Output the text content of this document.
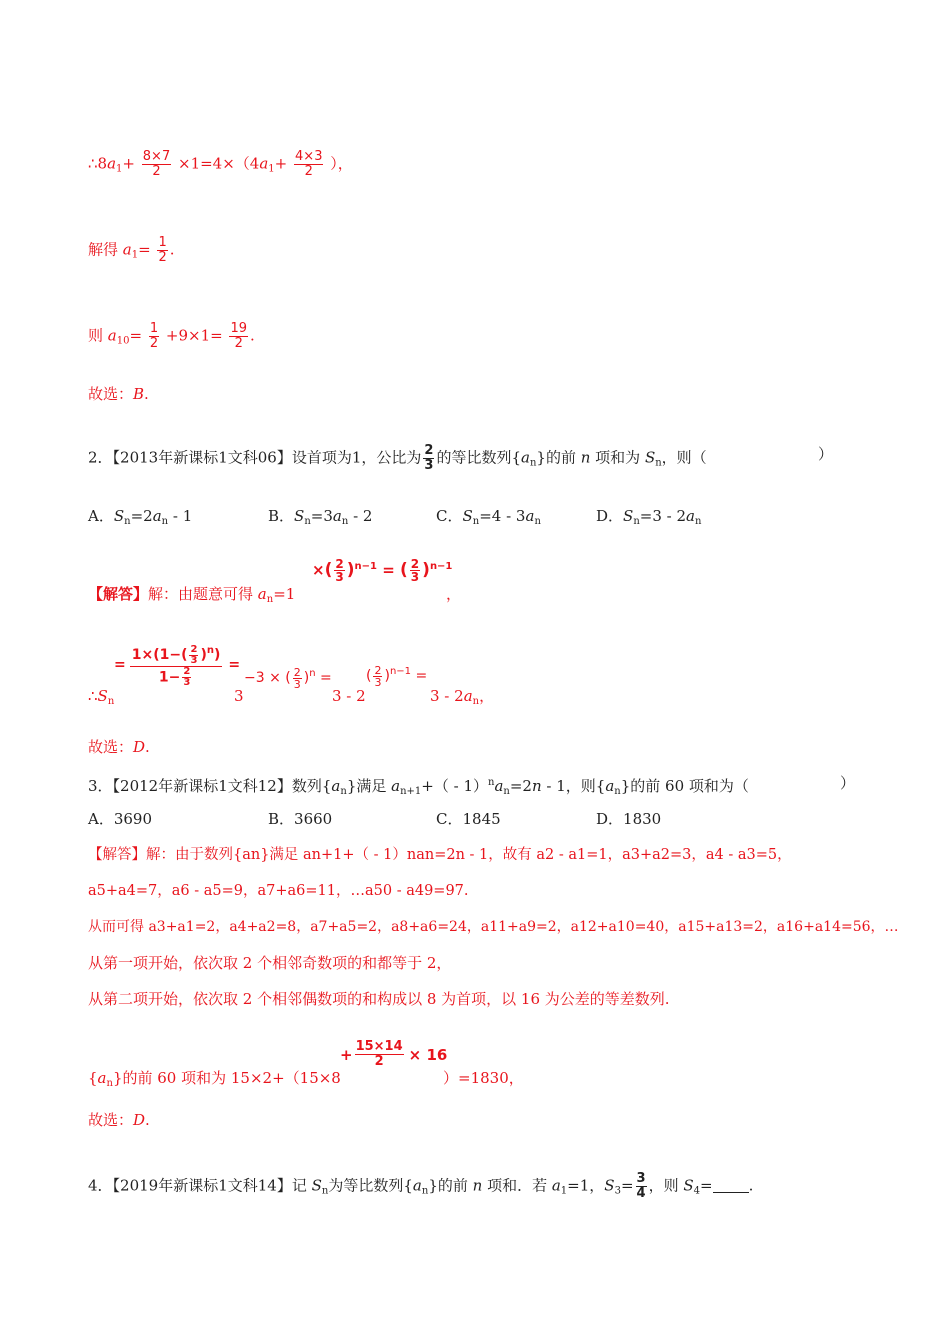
$\therefore 8a_1+ \frac{8\times 7}{2} \times 1=4\times(4a_1+ \frac{4\times 3}{2}$ ），
解得 $a_1= \frac{1}{2}$ .
则 $a_{10}= \frac{1}{2} +9\times 1= \frac{19}{2}$ .
故选：B.
2．【2013年新课标1文科06】设首项为1，公比为 $\frac{2}{3}$ 的等比数列$\{a_n\}$的前 n 项和为 $S_n$，则（	）
A．$S_n=2a_n - 1$	B．$S_n=3a_n - 2$	C．$S_n=4 - 3a_n$	D．$S_n=3 - 2a_n$
【解答】解：由题意可得 $a_n=1$
×( $\frac{2}{3} )^{n-1}$ = ( $\frac{2}{3} )^{n-1}$
，
$\therefore S_n$
= $\frac{1\times(1-( \frac{2}{3} )^n)}{1- \frac{2}{3}}$ =
3
−3 × ( $\frac{2}{3} )^n$ =
3 - 2
( $\frac{2}{3} )^{n-1}$ =
$3 - 2a_n$，
故选：D.
3．【2012年新课标1文科12】数列$\{a_n\}$满足 $a_{n+1}+( - 1)^na_n=2n - 1$，则$\{a_n\}$的前 60 项和为（	）
A．3690	B．3660	C．1845	D．1830
【解答】解：由于数列{an}满足 an+1+（ - 1）nan=2n - 1，故有 a2 - a1=1，a3+a2=3，a4 - a3=5，
a5+a4=7，a6 - a5=9，a7+a6=11，…a50 - a49=97.
从而可得 a3+a1=2，a4+a2=8，a7+a5=2，a8+a6=24，a11+a9=2，a12+a10=40，a15+a13=2，a16+a14=56，…
从第一项开始，依次取 2 个相邻奇数项的和都等于 2，
从第二项开始，依次取 2 个相邻偶数项的和构成以 8 为首项，以 16 为公差的等差数列.
$\{a_n\}$的前 60 项和为 15×2+（15×8
+ $\frac{15\times 14}{2} \times 16$
）=1830，
故选：D.
4．【2019年新课标1文科14】记 $S_n$为等比数列$\{a_n\}$的前 n 项和．若 $a_1=1$，$S_3= \frac{3}{4}$ ，则 $S_4=$ .
